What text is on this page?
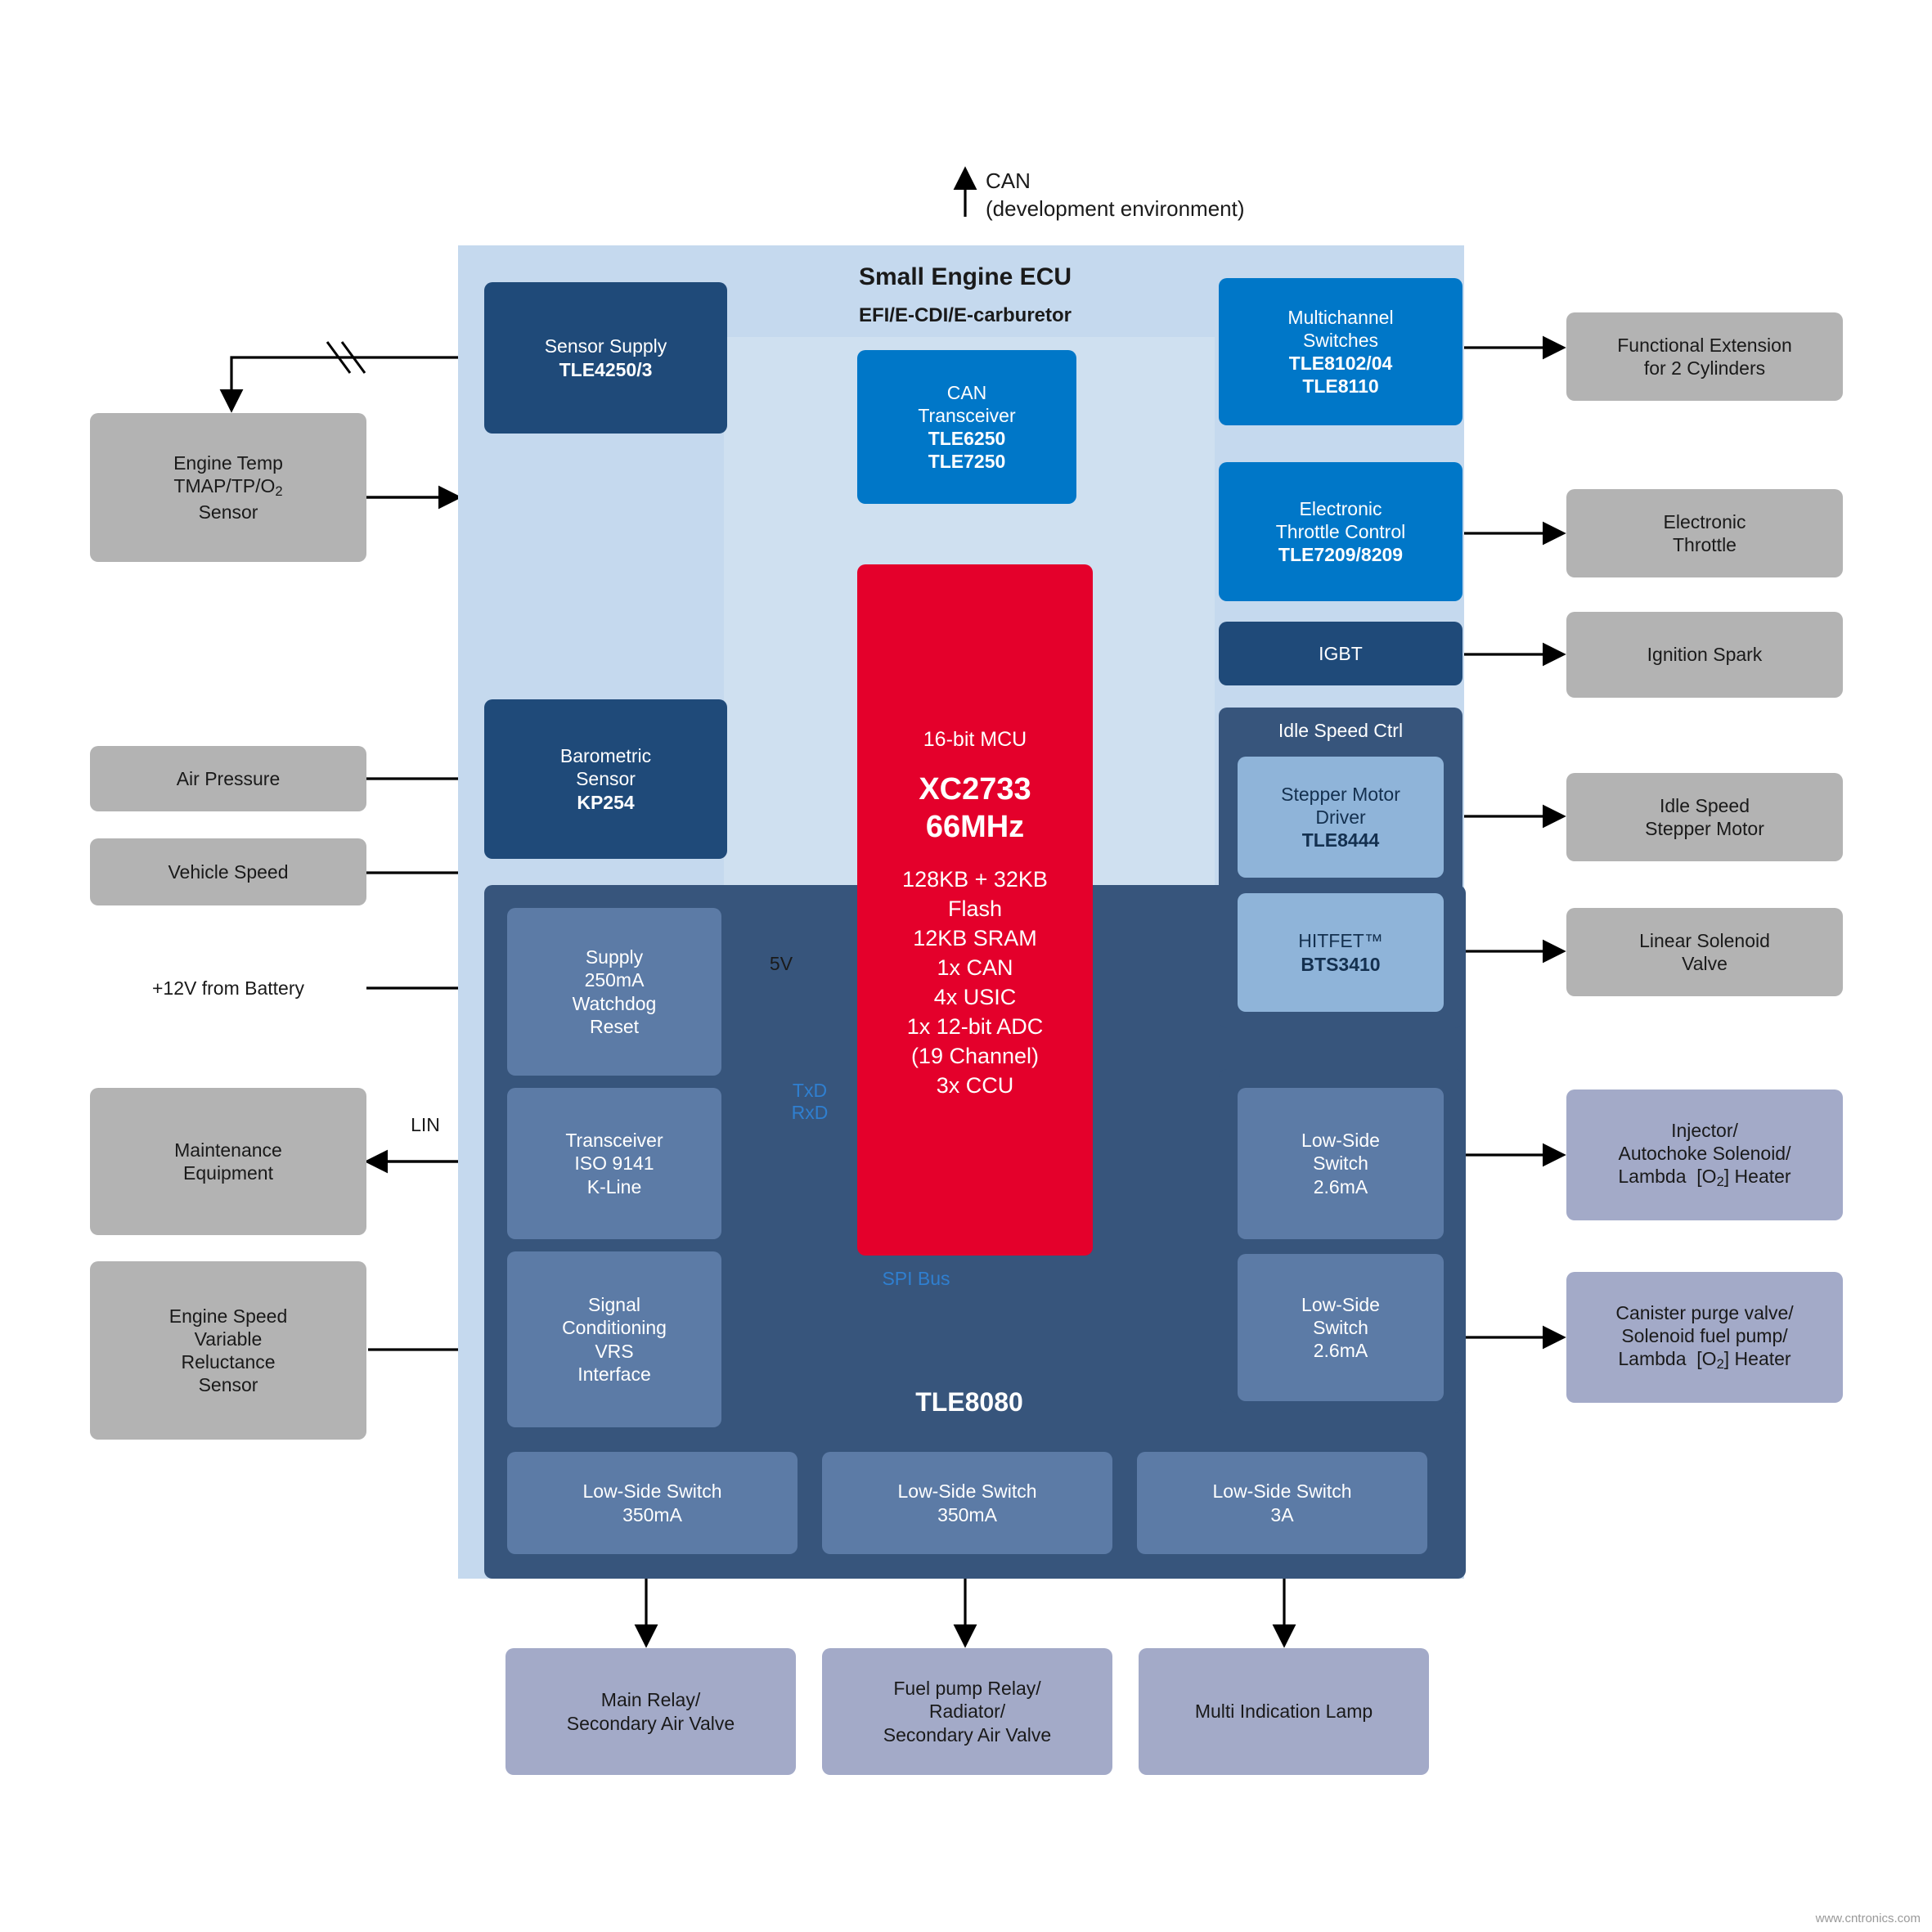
Small Engine ECU
EFI/E-CDI/E-carburetor
CAN
(development environment)
Engine Temp
TMAP/$TP/O_2$
Sensor
Air Pressure
Vehicle Speed
+12V from Battery
Maintenance
Equipment
LIN
Engine Speed
Variable
Reluctance
Sensor
Sensor Supply
TLE4250/3
Barometric
Sensor
KP254
Supply
250mA
Watchdog
Reset
Transceiver
ISO 9141
K-Line
Signal
Conditioning
VRS
Interface
TLE8080
Low-Side Switch
350mA
Low-Side Switch
350mA
Low-Side Switch
3A
CAN
Transceiver
TLE6250
TLE7250
16-bit MCU
XC2733
66MHz
128KB + 32KB
Flash
12KB SRAM
1x CAN
4x USIC
1x 12-bit ADC
(19 Channel)
3x CCU
5V
TxD
RxD
SPI Bus
Multichannel
Switches
TLE8102/04
TLE8110
Electronic
Throttle Control
TLE7209/8209
IGBT
Idle Speed Ctrl
Stepper Motor
Driver
TLE8444
HITFET™
BTS3410
Low-Side
Switch
2.6mA
Low-Side
Switch
2.6mA
Functional Extension
for 2 Cylinders
Electronic
Throttle
Ignition Spark
Idle Speed
Stepper Motor
Linear Solenoid
Valve
Injector/
Autochoke Solenoid/
Lambda  $[O_2]$ Heater
Canister purge valve/
Solenoid fuel pump/
Lambda  $[O_2]$ Heater
Main Relay/
Secondary Air Valve
Fuel pump Relay/
Radiator/
Secondary Air Valve
Multi Indication Lamp
www.cntronics.com
